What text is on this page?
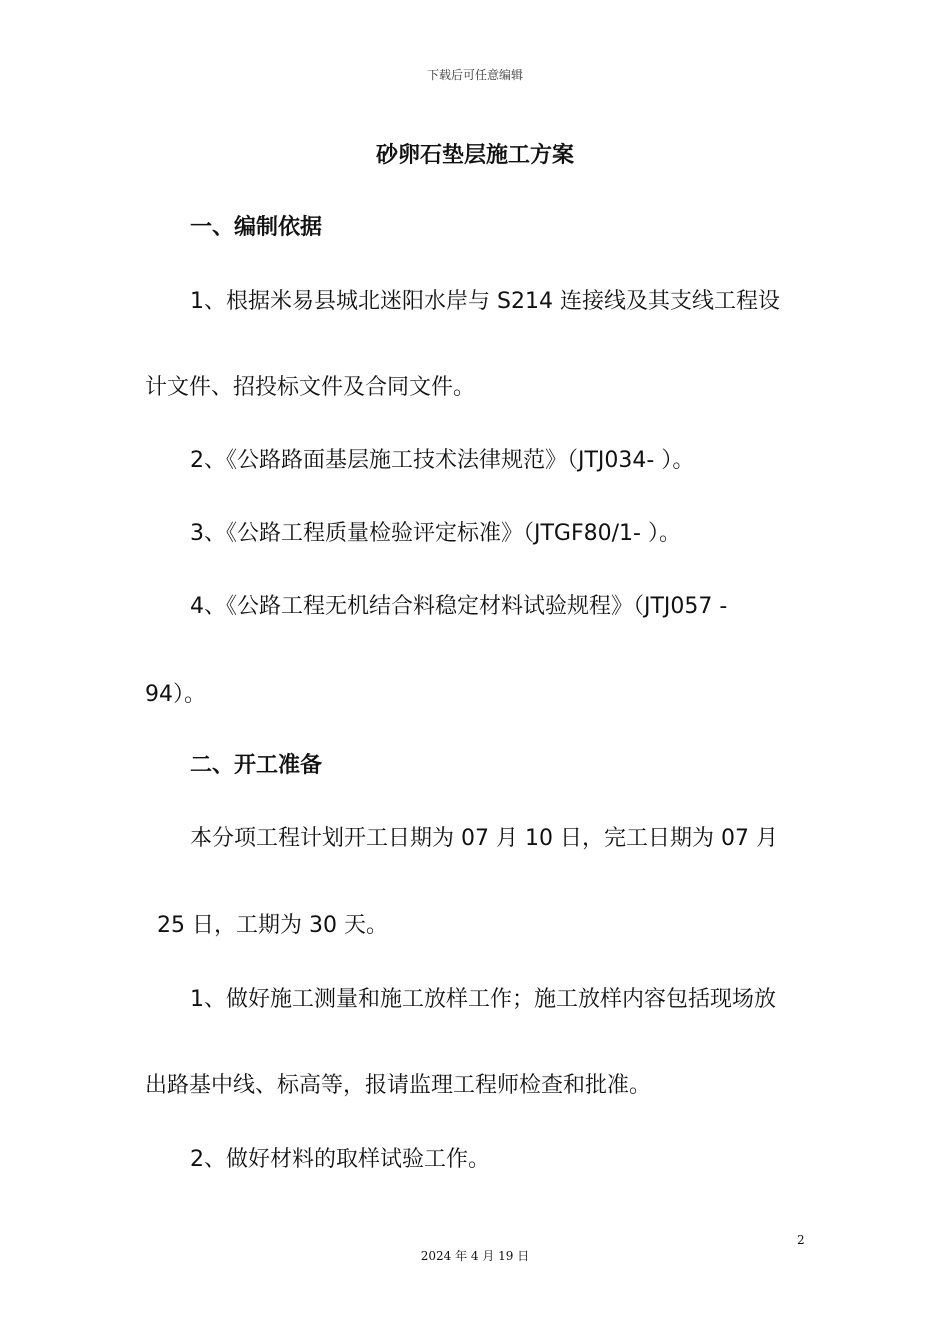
下载后可任意编辑
砂卵石垫层施工方案
一、编制依据
1、根据米易县城北迷阳水岸与 S214 连接线及其支线工程设
计文件、招投标文件及合同文件。
2、《公路路面基层施工技术法律规范》（JTJ034- ）。
3、《公路工程质量检验评定标准》（JTGF80/1- ）。
4、《公路工程无机结合料稳定材料试验规程》（JTJ057 -
94）。
二、开工准备
本分项工程计划开工日期为 07 月 10 日，完工日期为 07 月
25 日，工期为 30 天。
1、做好施工测量和施工放样工作；施工放样内容包括现场放
出路基中线、标高等，报请监理工程师检查和批准。
2、做好材料的取样试验工作。
2
2024 年 4 月 19 日
